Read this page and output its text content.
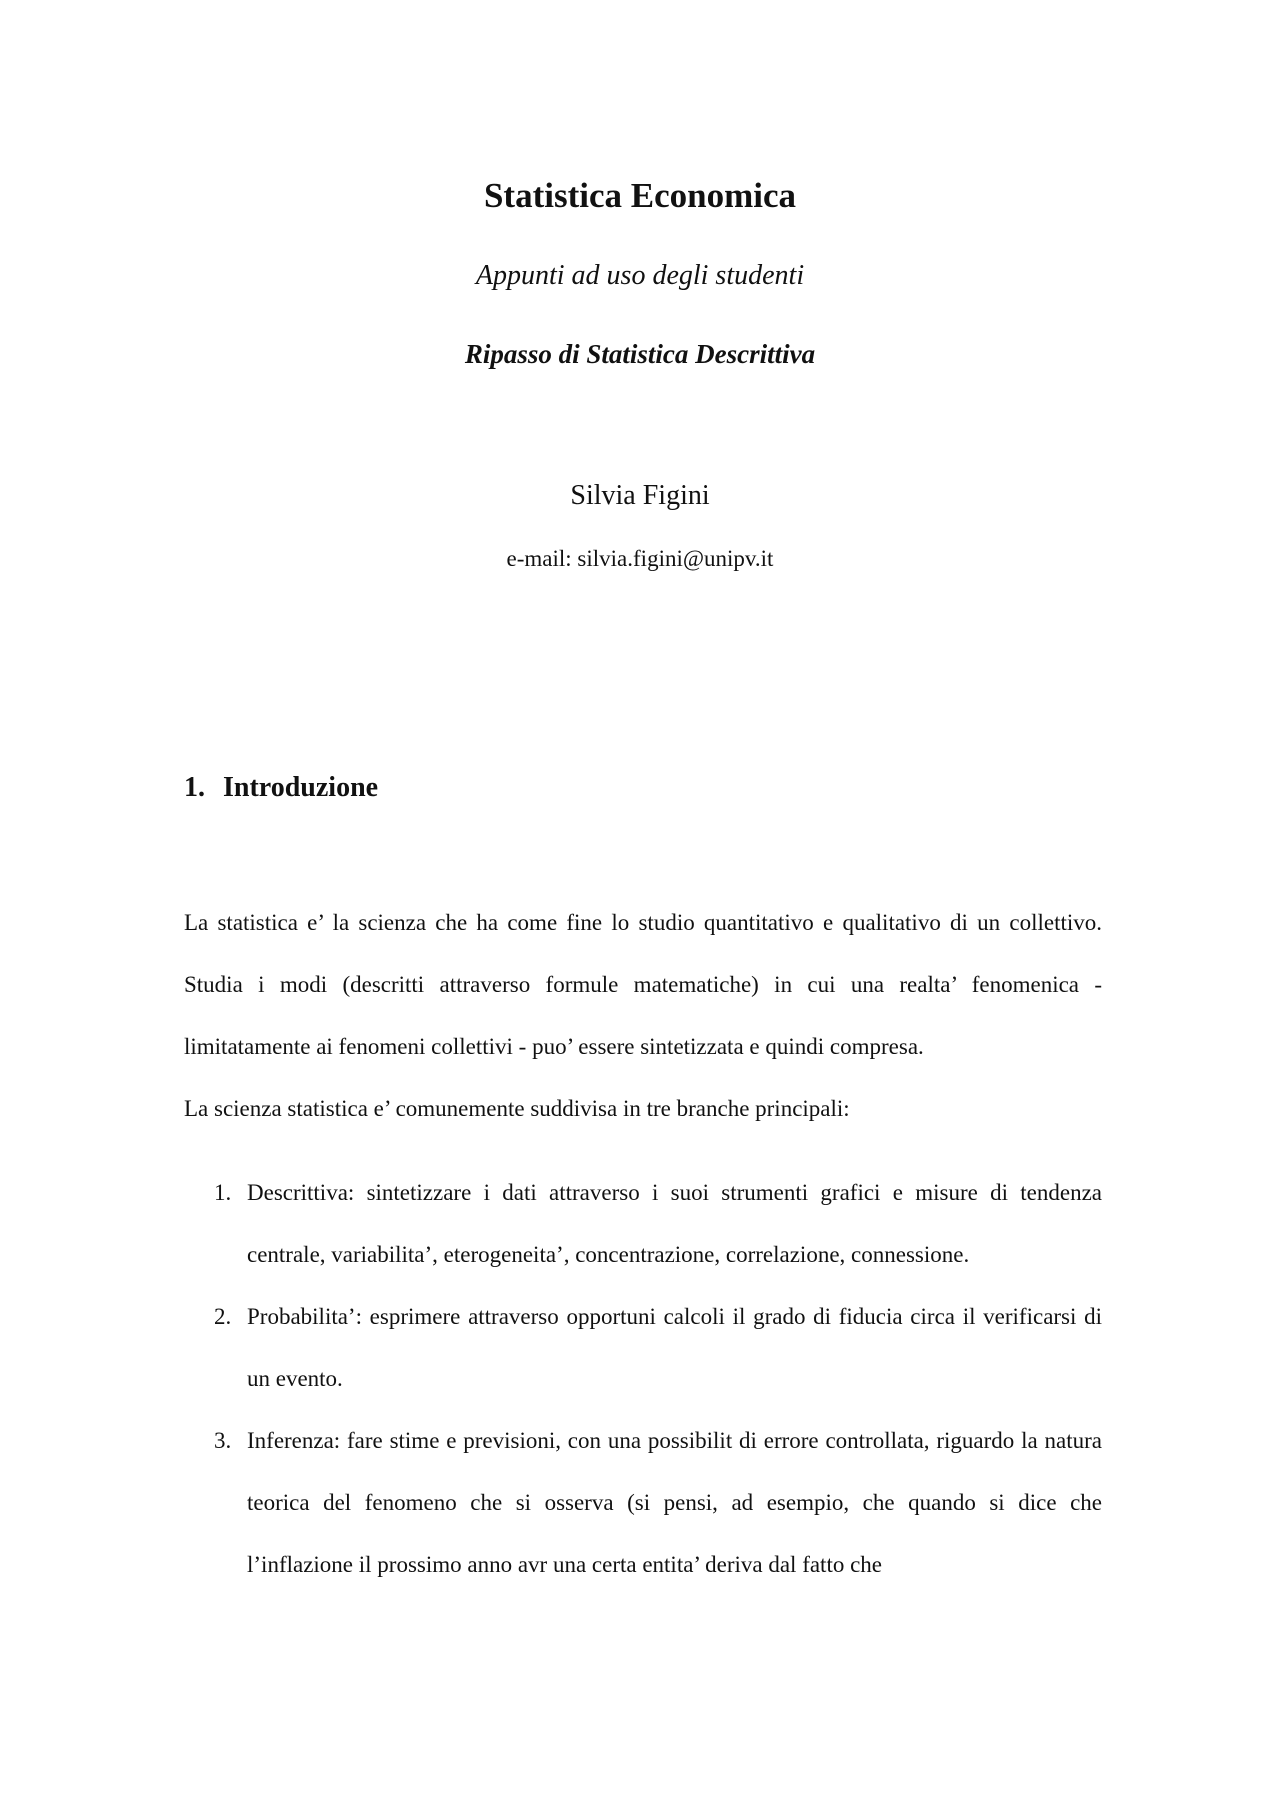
Statistica Economica
Appunti ad uso degli studenti
Ripasso di Statistica Descrittiva
Silvia Figini
e-mail: silvia.figini@unipv.it
1. Introduzione

La statistica e’ la scienza che ha come fine lo studio quantitativo e qualitativo di un collettivo. Studia i modi (descritti attraverso formule matematiche) in cui una realta’ fenomenica - limitatamente ai fenomeni collettivi - puo’ essere sintetizzata e quindi compresa.

La scienza statistica e’ comunemente suddivisa in tre branche principali:

1. Descrittiva: sintetizzare i dati attraverso i suoi strumenti grafici e misure di tendenza centrale, variabilita’, eterogeneita’, concentrazione, correlazione, connessione.
2. Probabilita’: esprimere attraverso opportuni calcoli il grado di fiducia circa il verificarsi di un evento.
3. Inferenza: fare stime e previsioni, con una possibilit di errore controllata, riguardo la natura teorica del fenomeno che si osserva (si pensi, ad esempio, che quando si dice che l’inflazione il prossimo anno avr una certa entita’ deriva dal fatto che
